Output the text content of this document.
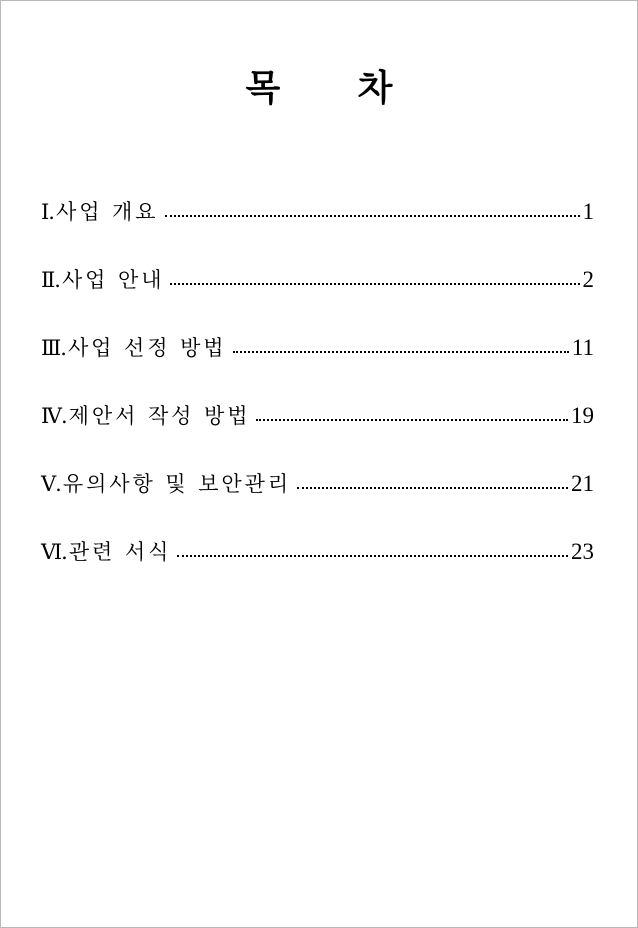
목 차
Ⅰ. 사업 개요	1
Ⅱ. 사업 안내	2
Ⅲ. 사업 선정 방법	11
Ⅳ. 제안서 작성 방법	19
Ⅴ. 유의사항 및 보안관리	21
Ⅵ. 관련 서식	23
